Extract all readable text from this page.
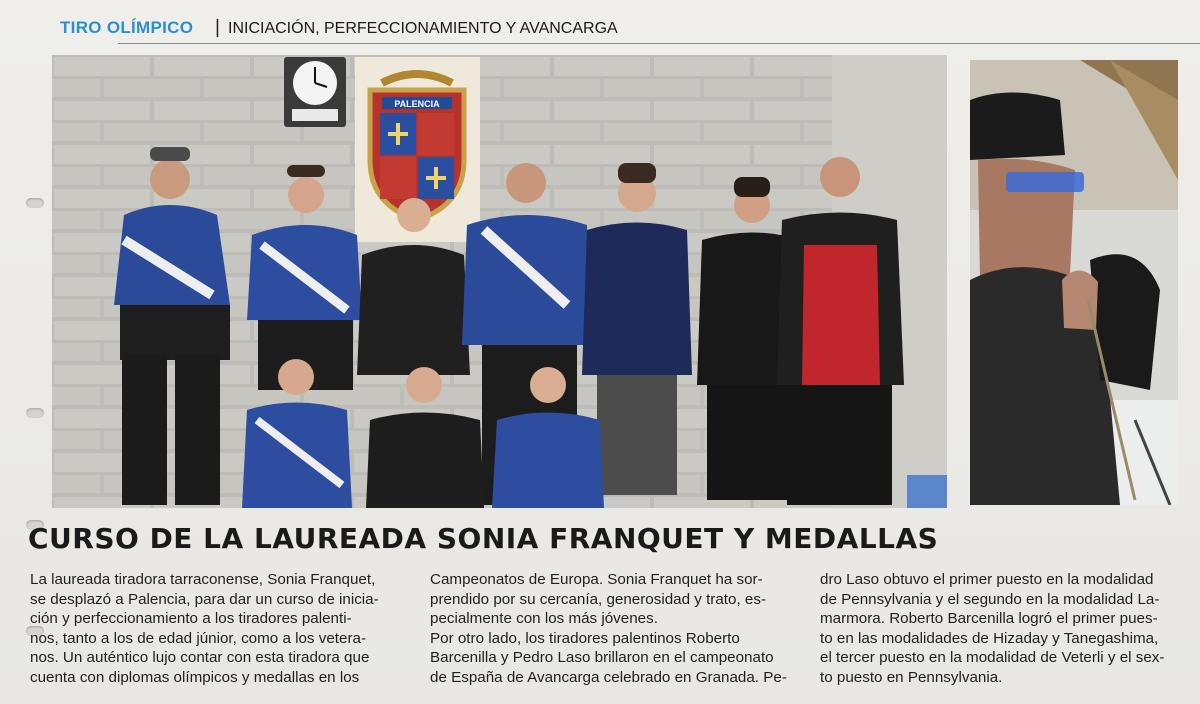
TIRO OLÍMPICO | INICIACIÓN, PERFECCIONAMIENTO Y AVANCARGA
PALENCIA
CURSO DE LA LAUREADA SONIA FRANQUET Y MEDALLAS

La laureada tiradora tarraconense, Sonia Franquet,
se desplazó a Palencia, para dar un curso de inicia-
ción y perfeccionamiento a los tiradores palenti-
nos, tanto a los de edad júnior, como a los vetera-
nos. Un auténtico lujo contar con esta tiradora que
cuenta con diplomas olímpicos y medallas en los

Campeonatos de Europa. Sonia Franquet ha sor-
prendido por su cercanía, generosidad y trato, es-
pecialmente con los más jóvenes.
Por otro lado, los tiradores palentinos Roberto
Barcenilla y Pedro Laso brillaron en el campeonato
de España de Avancarga celebrado en Granada. Pe-

dro Laso obtuvo el primer puesto en la modalidad
de Pennsylvania y el segundo en la modalidad La-
marmora. Roberto Barcenilla logró el primer pues-
to en las modalidades de Hizaday y Tanegashima,
el tercer puesto en la modalidad de Veterli y el sex-
to puesto en Pennsylvania.
